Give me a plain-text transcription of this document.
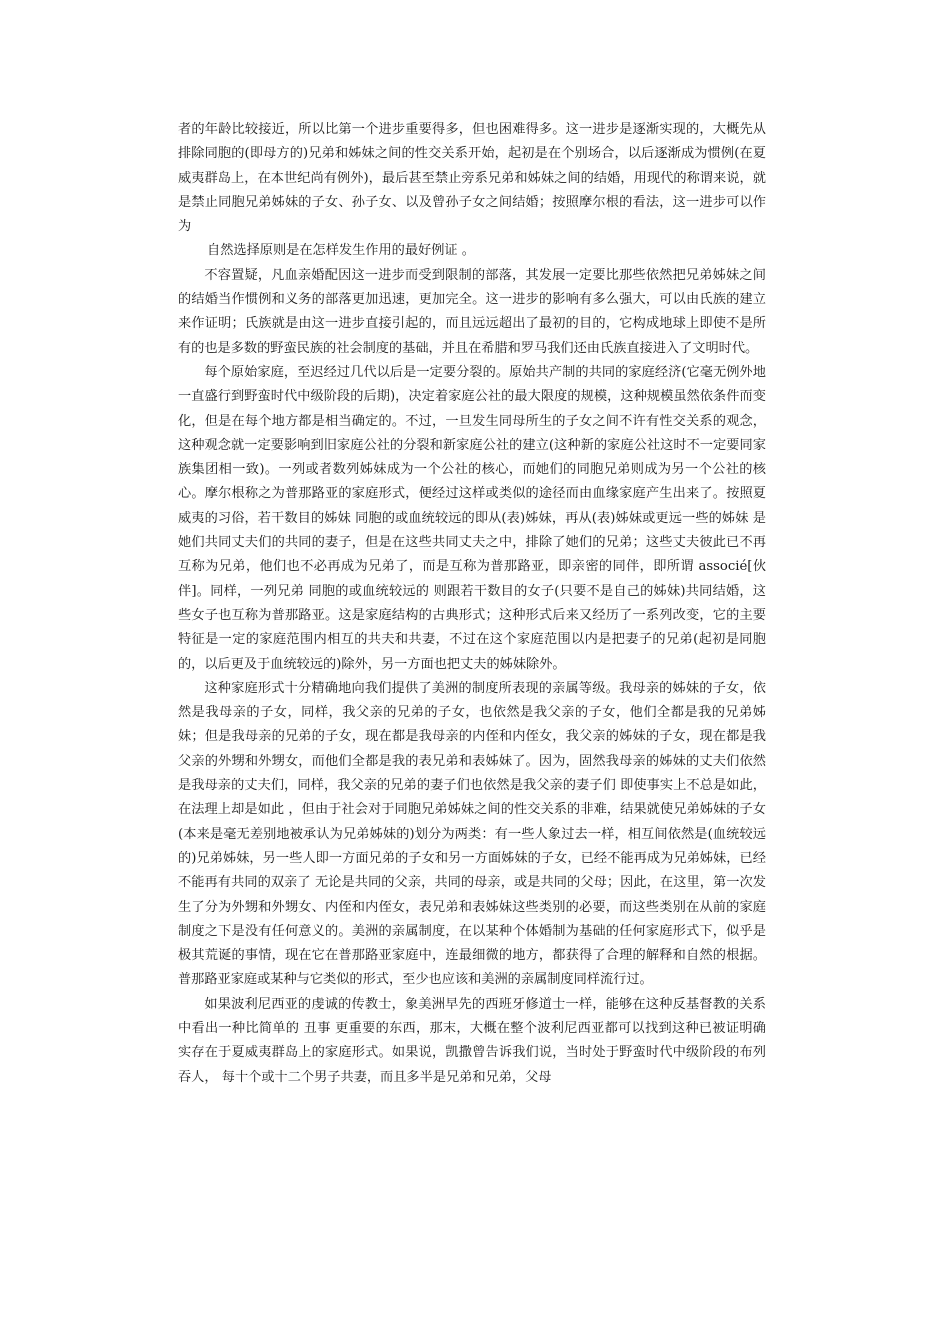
者的年龄比较接近，所以比第一个进步重要得多，但也困难得多。这一进步是逐渐实现的，大概先从排除同胞的(即母方的)兄弟和姊妹之间的性交关系开始，起初是在个别场合，以后逐渐成为惯例(在夏威夷群岛上，在本世纪尚有例外)，最后甚至禁止旁系兄弟和姊妹之间的结婚，用现代的称谓来说，就是禁止同胞兄弟姊妹的子女、孙子女、以及曾孙子女之间结婚；按照摩尔根的看法，这一进步可以作为

自然选择原则是在怎样发生作用的最好例证 。

不容置疑，凡血亲婚配因这一进步而受到限制的部落，其发展一定要比那些依然把兄弟姊妹之间的结婚当作惯例和义务的部落更加迅速，更加完全。这一进步的影响有多么强大，可以由氏族的建立来作证明；氏族就是由这一进步直接引起的，而且远远超出了最初的目的，它构成地球上即使不是所有的也是多数的野蛮民族的社会制度的基础，并且在希腊和罗马我们还由氏族直接进入了文明时代。

每个原始家庭，至迟经过几代以后是一定要分裂的。原始共产制的共同的家庭经济(它毫无例外地一直盛行到野蛮时代中级阶段的后期)，决定着家庭公社的最大限度的规模，这种规模虽然依条件而变化，但是在每个地方都是相当确定的。不过，一旦发生同母所生的子女之间不许有性交关系的观念，这种观念就一定要影响到旧家庭公社的分裂和新家庭公社的建立(这种新的家庭公社这时不一定要同家族集团相一致)。一列或者数列姊妹成为一个公社的核心，而她们的同胞兄弟则成为另一个公社的核心。摩尔根称之为普那路亚的家庭形式，便经过这样或类似的途径而由血缘家庭产生出来了。按照夏威夷的习俗，若干数目的姊妹 同胞的或血统较远的即从(表)姊妹，再从(表)姊妹或更远一些的姊妹 是她们共同丈夫们的共同的妻子，但是在这些共同丈夫之中，排除了她们的兄弟；这些丈夫彼此已不再互称为兄弟，他们也不必再成为兄弟了，而是互称为普那路亚，即亲密的同伴，即所谓 associé[伙伴]。同样，一列兄弟 同胞的或血统较远的 则跟若干数目的女子(只要不是自己的姊妹)共同结婚，这些女子也互称为普那路亚。这是家庭结构的古典形式；这种形式后来又经历了一系列改变，它的主要特征是一定的家庭范围内相互的共夫和共妻，不过在这个家庭范围以内是把妻子的兄弟(起初是同胞的，以后更及于血统较远的)除外，另一方面也把丈夫的姊妹除外。

这种家庭形式十分精确地向我们提供了美洲的制度所表现的亲属等级。我母亲的姊妹的子女，依然是我母亲的子女，同样，我父亲的兄弟的子女，也依然是我父亲的子女，他们全都是我的兄弟姊妹；但是我母亲的兄弟的子女，现在都是我母亲的内侄和内侄女，我父亲的姊妹的子女，现在都是我父亲的外甥和外甥女，而他们全都是我的表兄弟和表姊妹了。因为，固然我母亲的姊妹的丈夫们依然是我母亲的丈夫们，同样，我父亲的兄弟的妻子们也依然是我父亲的妻子们 即使事实上不总是如此，在法理上却是如此 ，但由于社会对于同胞兄弟姊妹之间的性交关系的非难，结果就使兄弟姊妹的子女(本来是毫无差别地被承认为兄弟姊妹的)划分为两类：有一些人象过去一样，相互间依然是(血统较远的)兄弟姊妹，另一些人即一方面兄弟的子女和另一方面姊妹的子女，已经不能再成为兄弟姊妹，已经不能再有共同的双亲了 无论是共同的父亲，共同的母亲，或是共同的父母；因此，在这里，第一次发生了分为外甥和外甥女、内侄和内侄女，表兄弟和表姊妹这些类别的必要，而这些类别在从前的家庭制度之下是没有任何意义的。美洲的亲属制度，在以某种个体婚制为基础的任何家庭形式下，似乎是极其荒诞的事情，现在它在普那路亚家庭中，连最细微的地方，都获得了合理的解释和自然的根据。普那路亚家庭或某种与它类似的形式，至少也应该和美洲的亲属制度同样流行过。

如果波利尼西亚的虔诚的传教士，象美洲早先的西班牙修道士一样，能够在这种反基督教的关系中看出一种比简单的 丑事 更重要的东西，那末，大概在整个波利尼西亚都可以找到这种已被证明确实存在于夏威夷群岛上的家庭形式。如果说，凯撒曾告诉我们说，当时处于野蛮时代中级阶段的布列吞人， 每十个或十二个男子共妻，而且多半是兄弟和兄弟，父母
